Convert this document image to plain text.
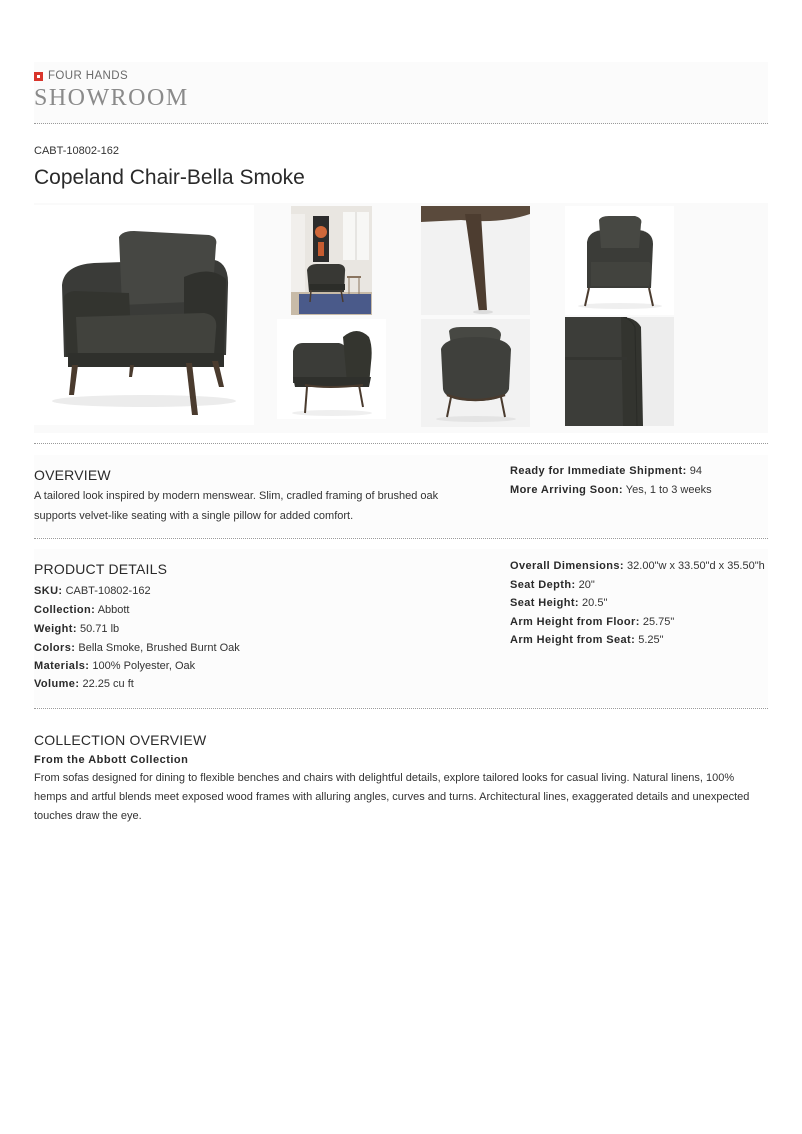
FOUR HANDS
SHOWROOM
CABT-10802-162
Copeland Chair-Bella Smoke
OVERVIEW
A tailored look inspired by modern menswear. Slim, cradled framing of brushed oak supports velvet-like seating with a single pillow for added comfort.
Ready for Immediate Shipment: 94
More Arriving Soon: Yes, 1 to 3 weeks
PRODUCT DETAILS
SKU: CABT-10802-162
Collection: Abbott
Weight: 50.71 lb
Colors: Bella Smoke, Brushed Burnt Oak
Materials: 100% Polyester, Oak
Volume: 22.25 cu ft
Overall Dimensions: 32.00"w x 33.50"d x 35.50"h
Seat Depth: 20"
Seat Height: 20.5"
Arm Height from Floor: 25.75"
Arm Height from Seat: 5.25"
COLLECTION OVERVIEW
From the Abbott Collection
From sofas designed for dining to flexible benches and chairs with delightful details, explore tailored looks for casual living. Natural linens, 100% hemps and artful blends meet exposed wood frames with alluring angles, curves and turns. Architectural lines, exaggerated details and unexpected touches draw the eye.
